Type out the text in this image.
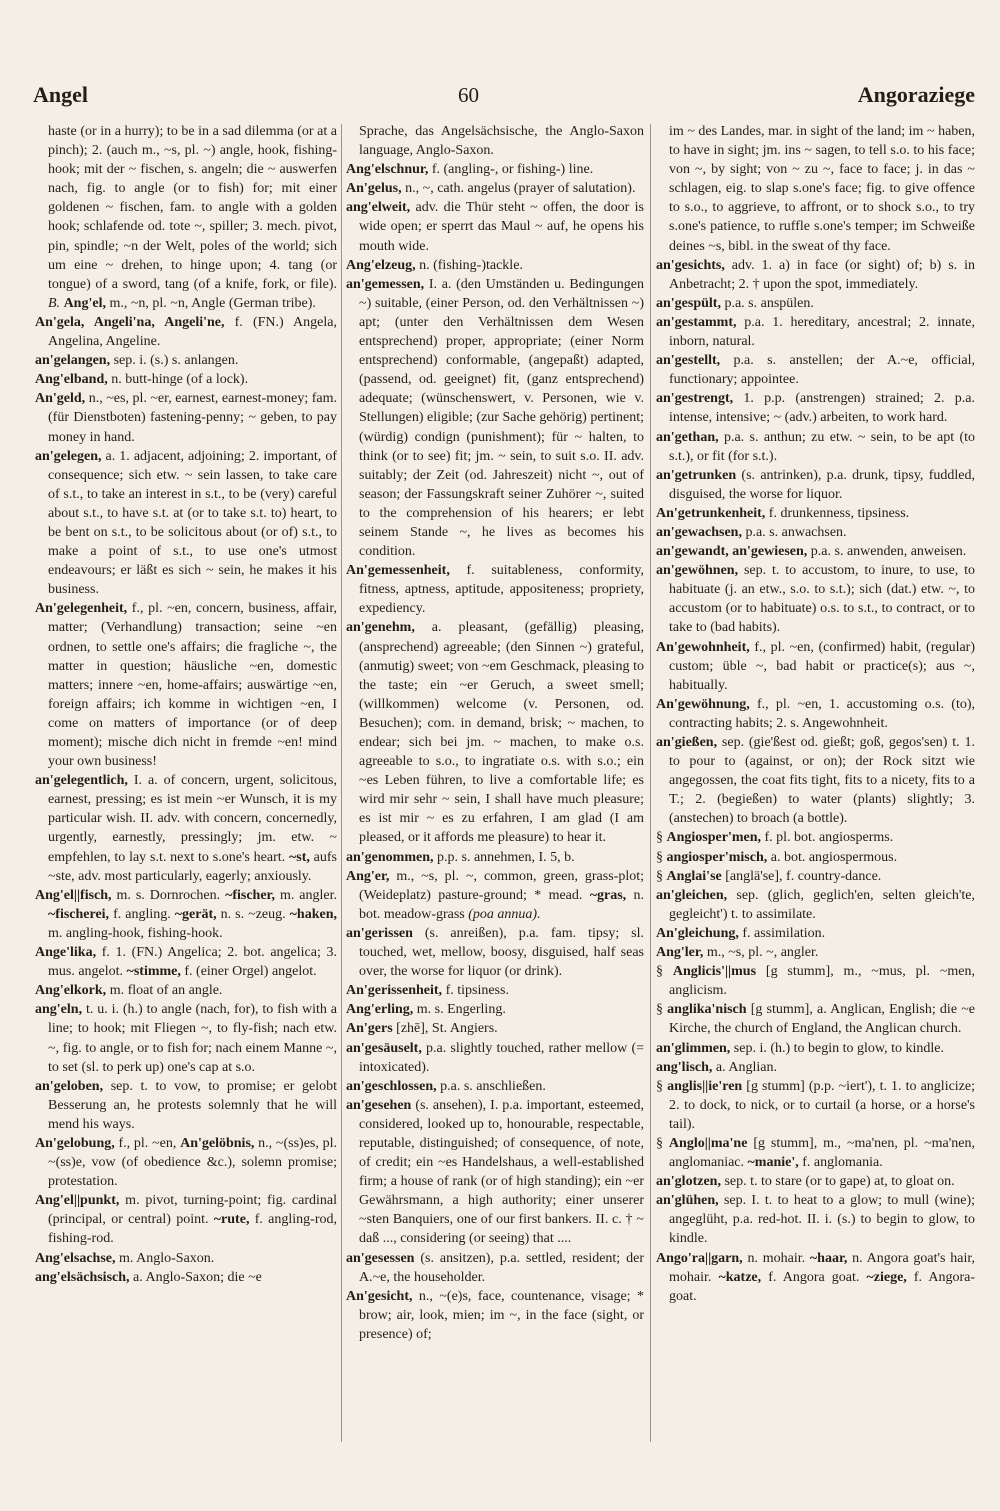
Angel	60	Angoraziege

haste (or in a hurry); to be in a sad dilemma (or at a pinch); 2. (auch m., ~s, pl. ~) angle, hook, fishing-hook; mit der ~ fischen, s. angeln; die ~ auswerfen nach, fig. to angle (or to fish) for; mit einer goldenen ~ fischen, fam. to angle with a golden hook; schlafende od. tote ~, spiller; 3. mech. pivot, pin, spindle; ~n der Welt, poles of the world; sich um eine ~ drehen, to hinge upon; 4. tang (or tongue) of a sword, tang (of a knife, fork, or file). B. Ang'el, m., ~n, pl. ~n, Angle (German tribe).

An'gela, Angeli'na, Angeli'ne, f. (FN.) Angela, Angelina, Angeline.

an'gelangen, sep. i. (s.) s. anlangen.

Ang'elband, n. butt-hinge (of a lock).

An'geld, n., ~es, pl. ~er, earnest, earnest-money; fam. (für Dienstboten) fastening-penny; ~ geben, to pay money in hand.

an'gelegen, a. 1. adjacent, adjoining; 2. important, of consequence; sich etw. ~ sein lassen, to take care of s.t., to take an interest in s.t., to be (very) careful about s.t., to have s.t. at (or to take s.t. to) heart, to be bent on s.t., to be solicitous about (or of) s.t., to make a point of s.t., to use one's utmost endeavours; er läßt es sich ~ sein, he makes it his business.

An'gelegenheit, f., pl. ~en, concern, business, affair, matter; (Verhandlung) transaction; seine ~en ordnen, to settle one's affairs; die fragliche ~, the matter in question; häusliche ~en, domestic matters; innere ~en, home-affairs; auswärtige ~en, foreign affairs; ich komme in wichtigen ~en, I come on matters of importance (or of deep moment); mische dich nicht in fremde ~en! mind your own business!

an'gelegentlich, I. a. of concern, urgent, solicitous, earnest, pressing; es ist mein ~er Wunsch, it is my particular wish. II. adv. with concern, concernedly, urgently, earnestly, pressingly; jm. etw. ~ empfehlen, to lay s.t. next to s.one's heart. ~st, aufs ~ste, adv. most particularly, eagerly; anxiously.

Ang'el||fisch, m. s. Dornrochen. ~fischer, m. angler. ~fischerei, f. angling. ~gerät, n. s. ~zeug. ~haken, m. angling-hook, fishing-hook.

Ange'lika, f. 1. (FN.) Angelica; 2. bot. angelica; 3. mus. angelot. ~stimme, f. (einer Orgel) angelot.

Ang'elkork, m. float of an angle.

ang'eln, t. u. i. (h.) to angle (nach, for), to fish with a line; to hook; mit Fliegen ~, to fly-fish; nach etw. ~, fig. to angle, or to fish for; nach einem Manne ~, to set (sl. to perk up) one's cap at s.o.

an'geloben, sep. t. to vow, to promise; er gelobt Besserung an, he protests solemnly that he will mend his ways.

An'gelobung, f., pl. ~en, An'gelöbnis, n., ~(ss)es, pl. ~(ss)e, vow (of obedience &c.), solemn promise; protestation.

Ang'el||punkt, m. pivot, turning-point; fig. cardinal (principal, or central) point. ~rute, f. angling-rod, fishing-rod.

Ang'elsachse, m. Anglo-Saxon.

ang'elsächsisch, a. Anglo-Saxon; die ~e

Sprache, das Angelsächsische, the Anglo-Saxon language, Anglo-Saxon.

Ang'elschnur, f. (angling-, or fishing-) line.

An'gelus, n., ~, cath. angelus (prayer of salutation).

ang'elweit, adv. die Thür steht ~ offen, the door is wide open; er sperrt das Maul ~ auf, he opens his mouth wide.

Ang'elzeug, n. (fishing-)tackle.

an'gemessen, I. a. (den Umständen u. Bedingungen ~) suitable, (einer Person, od. den Verhältnissen ~) apt; (unter den Verhältnissen dem Wesen entsprechend) proper, appropriate; (einer Norm entsprechend) conformable, (angepaßt) adapted, (passend, od. geeignet) fit, (ganz entsprechend) adequate; (wünschenswert, v. Personen, wie v. Stellungen) eligible; (zur Sache gehörig) pertinent; (würdig) condign (punishment); für ~ halten, to think (or to see) fit; jm. ~ sein, to suit s.o. II. adv. suitably; der Zeit (od. Jahreszeit) nicht ~, out of season; der Fassungskraft seiner Zuhörer ~, suited to the comprehension of his hearers; er lebt seinem Stande ~, he lives as becomes his condition.

An'gemessenheit, f. suitableness, conformity, fitness, aptness, aptitude, appositeness; propriety, expediency.

an'genehm, a. pleasant, (gefällig) pleasing, (ansprechend) agreeable; (den Sinnen ~) grateful, (anmutig) sweet; von ~em Geschmack, pleasing to the taste; ein ~er Geruch, a sweet smell; (willkommen) welcome (v. Personen, od. Besuchen); com. in demand, brisk; ~ machen, to endear; sich bei jm. ~ machen, to make o.s. agreeable to s.o., to ingratiate o.s. with s.o.; ein ~es Leben führen, to live a comfortable life; es wird mir sehr ~ sein, I shall have much pleasure; es ist mir ~ es zu erfahren, I am glad (I am pleased, or it affords me pleasure) to hear it.

an'genommen, p.p. s. annehmen, I. 5, b.

Ang'er, m., ~s, pl. ~, common, green, grass-plot; (Weideplatz) pasture-ground; * mead. ~gras, n. bot. meadow-grass (poa annua).

an'gerissen (s. anreißen), p.a. fam. tipsy; sl. touched, wet, mellow, boosy, disguised, half seas over, the worse for liquor (or drink).

An'gerissenheit, f. tipsiness.

Ang'erling, m. s. Engerling.

An'gers [zhē], St. Angiers.

an'gesäuselt, p.a. slightly touched, rather mellow (= intoxicated).

an'geschlossen, p.a. s. anschließen.

an'gesehen (s. ansehen), I. p.a. important, esteemed, considered, looked up to, honourable, respectable, reputable, distinguished; of consequence, of note, of credit; ein ~es Handelshaus, a well-established firm; a house of rank (or of high standing); ein ~er Gewährsmann, a high authority; einer unserer ~sten Banquiers, one of our first bankers. II. c. † ~ daß ..., considering (or seeing) that ....

an'gesessen (s. ansitzen), p.a. settled, resident; der A.~e, the householder.

An'gesicht, n., ~(e)s, face, countenance, visage; * brow; air, look, mien; im ~, in the face (sight, or presence) of;

im ~ des Landes, mar. in sight of the land; im ~ haben, to have in sight; jm. ins ~ sagen, to tell s.o. to his face; von ~, by sight; von ~ zu ~, face to face; j. in das ~ schlagen, eig. to slap s.one's face; fig. to give offence to s.o., to aggrieve, to affront, or to shock s.o., to try s.one's patience, to ruffle s.one's temper; im Schweiße deines ~s, bibl. in the sweat of thy face.

an'gesichts, adv. 1. a) in face (or sight) of; b) s. in Anbetracht; 2. † upon the spot, immediately.

an'gespült, p.a. s. anspülen.

an'gestammt, p.a. 1. hereditary, ancestral; 2. innate, inborn, natural.

an'gestellt, p.a. s. anstellen; der A.~e, official, functionary; appointee.

an'gestrengt, 1. p.p. (anstrengen) strained; 2. p.a. intense, intensive; ~ (adv.) arbeiten, to work hard.

an'gethan, p.a. s. anthun; zu etw. ~ sein, to be apt (to s.t.), or fit (for s.t.).

an'getrunken (s. antrinken), p.a. drunk, tipsy, fuddled, disguised, the worse for liquor.

An'getrunkenheit, f. drunkenness, tipsiness.

an'gewachsen, p.a. s. anwachsen.

an'gewandt, an'gewiesen, p.a. s. anwenden, anweisen.

an'gewöhnen, sep. t. to accustom, to inure, to use, to habituate (j. an etw., s.o. to s.t.); sich (dat.) etw. ~, to accustom (or to habituate) o.s. to s.t., to contract, or to take to (bad habits).

An'gewohnheit, f., pl. ~en, (confirmed) habit, (regular) custom; üble ~, bad habit or practice(s); aus ~, habitually.

An'gewöhnung, f., pl. ~en, 1. accustoming o.s. (to), contracting habits; 2. s. Angewohnheit.

an'gießen, sep. (gie'ßest od. gießt; goß, gegos'sen) t. 1. to pour to (against, or on); der Rock sitzt wie angegossen, the coat fits tight, fits to a nicety, fits to a T.; 2. (begießen) to water (plants) slightly; 3. (anstechen) to broach (a bottle).

§ Angiosper'men, f. pl. bot. angiosperms.

§ angiosper'misch, a. bot. angiospermous.

§ Anglai'se [anglä'se], f. country-dance.

an'gleichen, sep. (glich, geglich'en, selten gleich'te, gegleicht') t. to assimilate.

An'gleichung, f. assimilation.

Ang'ler, m., ~s, pl. ~, angler.

§ Anglicis'||mus [g stumm], m., ~mus, pl. ~men, anglicism.

§ anglika'nisch [g stumm], a. Anglican, English; die ~e Kirche, the church of England, the Anglican church.

an'glimmen, sep. i. (h.) to begin to glow, to kindle.

ang'lisch, a. Anglian.

§ anglis||ie'ren [g stumm] (p.p. ~iert'), t. 1. to anglicize; 2. to dock, to nick, or to curtail (a horse, or a horse's tail).

§ Anglo||ma'ne [g stumm], m., ~ma'nen, pl. ~ma'nen, anglomaniac. ~manie', f. anglomania.

an'glotzen, sep. t. to stare (or to gape) at, to gloat on.

an'glühen, sep. I. t. to heat to a glow; to mull (wine); angeglüht, p.a. red-hot. II. i. (s.) to begin to glow, to kindle.

Ango'ra||garn, n. mohair. ~haar, n. Angora goat's hair, mohair. ~katze, f. Angora goat. ~ziege, f. Angora-goat.
